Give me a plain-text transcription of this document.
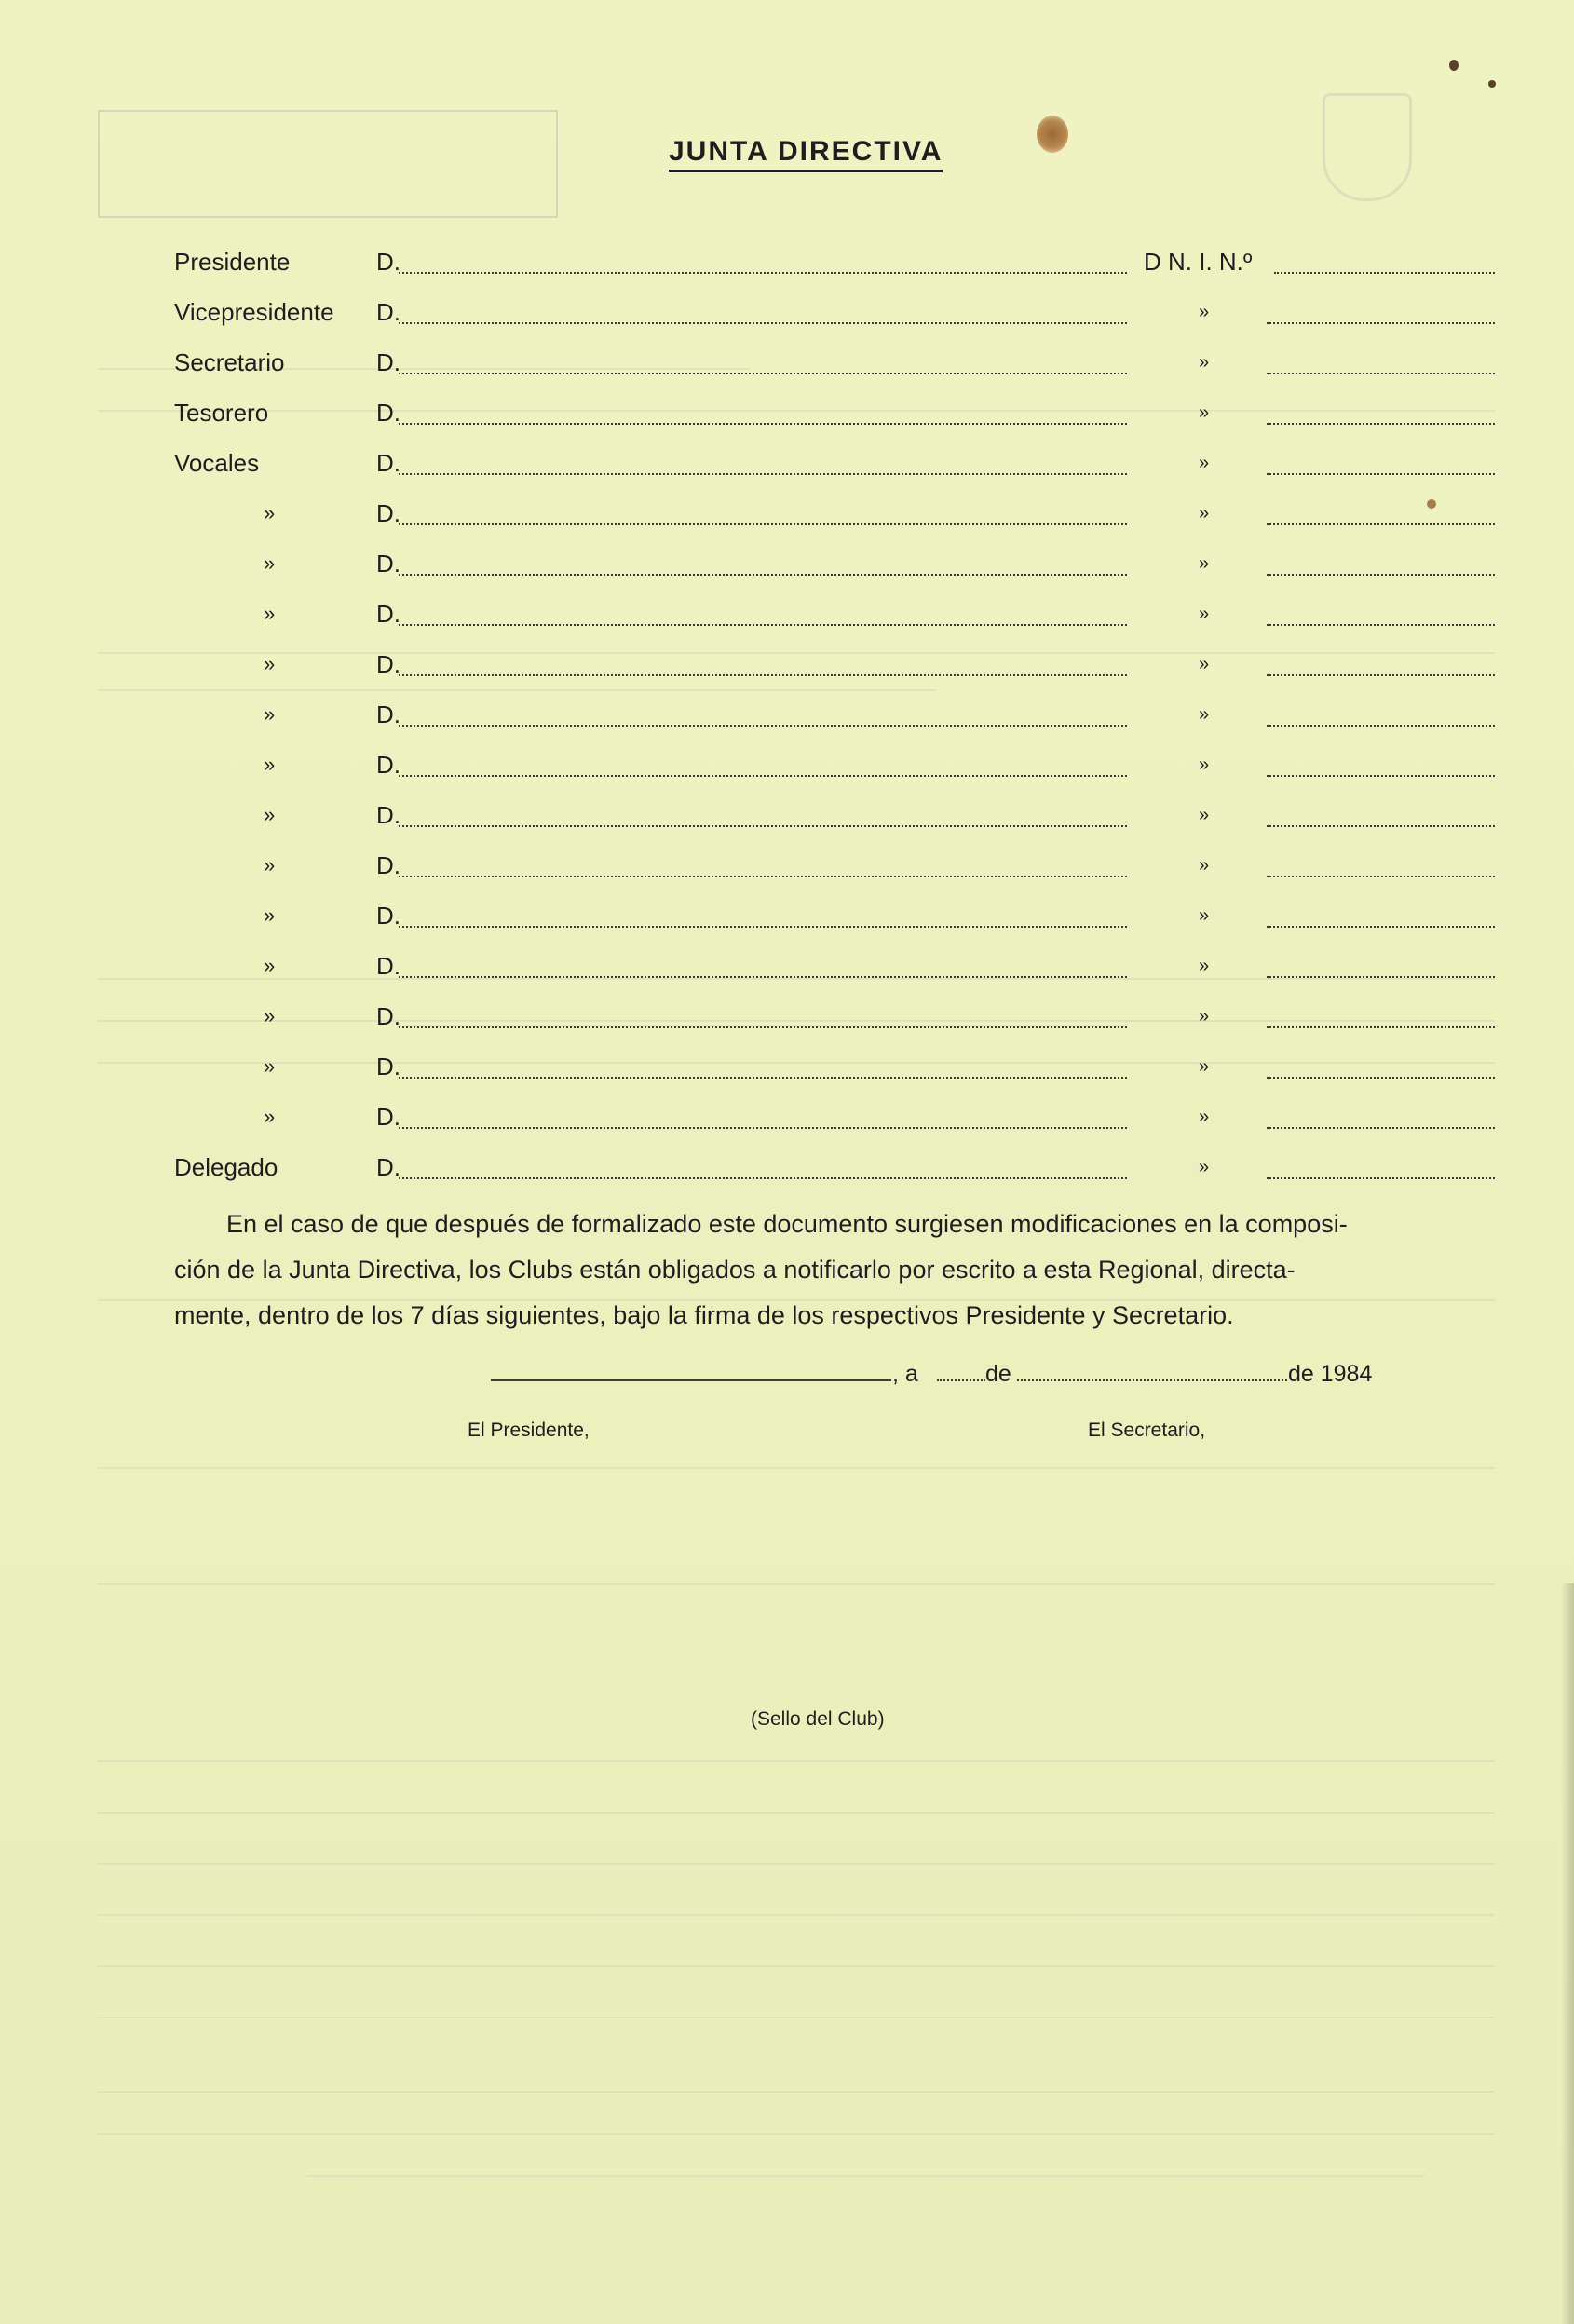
JUNTA DIRECTIVA
Presidente	D.	D N. I. N.º
Vicepresidente D.	»
Secretario	D.	»
Tesorero	D.	»
Vocales	D.	»
»	D.	»
»	D.	»
»	D.	»
»	D.	»
»	D.	»
»	D.	»
»	D.	»
»	D.	»
»	D.	»
»	D.	»
»	D.	»
»	D.	»
»	D.	»
Delegado	D.	»
En el caso de que después de formalizado este documento surgiesen modificaciones en la composi-
ción de la Junta Directiva, los Clubs están obligados a notificarlo por escrito a esta Regional, directa-
mente, dentro de los 7 días siguientes, bajo la firma de los respectivos Presidente y Secretario.
, a	de	de 1984
El Presidente,	El Secretario,
(Sello del Club)
